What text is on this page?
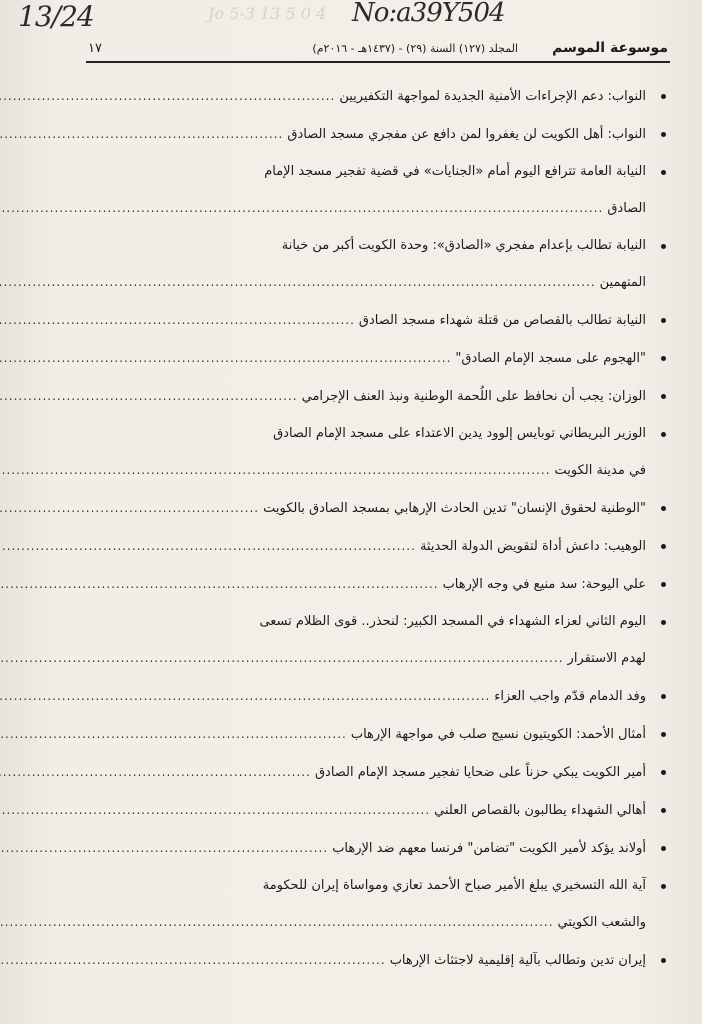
13/24	No:a39Y504
Jo 5-3 13 5 0 4
موسوعة الموسم
المجلد (١٢٧) السنة (٢٩) - (١٤٣٧هـ - ٢٠١٦م)
١٧
النواب: دعم الإجراءات الأمنية الجديدة لمواجهة التكفيريين
.....
النواب: أهل الكويت لن يغفروا لمن دافع عن مفجري مسجد الصادق
.....
النيابة العامة تترافع اليوم أمام «الجنايات» في قضية تفجير مسجد الإمام
الصادق
.....
النيابة تطالب بإعدام مفجري «الصادق»: وحدة الكويت أكبر من خيانة
المتهمين
.....
النيابة تطالب بالقصاص من قتلة شهداء مسجد الصادق
.....
"الهجوم على مسجد الإمام الصادق"
.....
الوزان: يجب أن نحافظ على اللُحمة الوطنية ونبذ العنف الإجرامي
.....
الوزير البريطاني توبايس إلوود يدين الاعتداء على مسجد الإمام الصادق
في مدينة الكويت
.....
"الوطنية لحقوق الإنسان" تدين الحادث الإرهابي بمسجد الصادق بالكويت
.....
الوهيب: داعش أداة لتقويض الدولة الحديثة
.....
علي اليوحة: سد منيع في وجه الإرهاب
.....
اليوم الثاني لعزاء الشهداء في المسجد الكبير: لنحذر.. قوى الظلام تسعى
لهدم الاستقرار
.....
وفد الدمام قدّم واجب العزاء
.....
أمثال الأحمد: الكويتيون نسيج صلب في مواجهة الإرهاب
.....
أمير الكويت يبكي حزناً على ضحايا تفجير مسجد الإمام الصادق
.....
أهالي الشهداء يطالبون بالقصاص العلني
.....
أولاند يؤكد لأمير الكويت "تضامن" فرنسا معهم ضد الإرهاب
.....
آية الله التسخيري يبلغ الأمير صباح الأحمد تعازي ومواساة إيران للحكومة
والشعب الكويتي
.....
إيران تدين وتطالب بآلية إقليمية لاجتثاث الإرهاب
.....
